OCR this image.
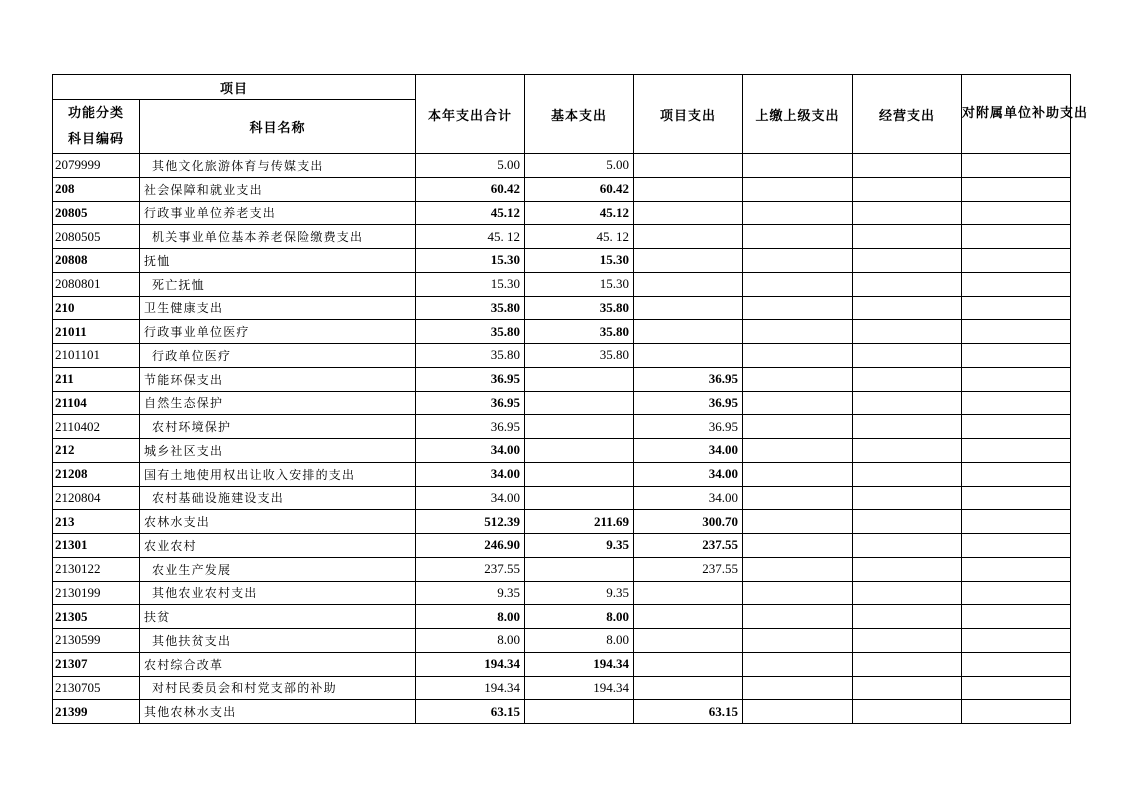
项目		本年支出合计	基本支出	项目支出	上缴上级支出	经营支出	对附属单位补助支出

功能分类
科目编码	科目名称						
2079999	其他文化旅游体育与传媒支出	5.00	5.00				
208	社会保障和就业支出	60.42	60.42				
20805	行政事业单位养老支出	45.12	45.12				
2080505	机关事业单位基本养老保险缴费支出	45. 12	45. 12				
20808	抚恤	15.30	15.30				
2080801	死亡抚恤	15.30	15.30				
210	卫生健康支出	35.80	35.80				
21011	行政事业单位医疗	35.80	35.80				
2101101	行政单位医疗	35.80	35.80				
211	节能环保支出	36.95		36.95			
21104	自然生态保护	36.95		36.95			
2110402	农村环境保护	36.95		36.95			
212	城乡社区支出	34.00		34.00			
21208	国有土地使用权出让收入安排的支出	34.00		34.00			
2120804	农村基础设施建设支出	34.00		34.00			
213	农林水支出	512.39	211.69	300.70			
21301	农业农村	246.90	9.35	237.55			
2130122	农业生产发展	237.55		237.55			
2130199	其他农业农村支出	9.35	9.35				
21305	扶贫	8.00	8.00				
2130599	其他扶贫支出	8.00	8.00				
21307	农村综合改革	194.34	194.34				
2130705	对村民委员会和村党支部的补助	194.34	194.34				
21399	其他农林水支出	63.15		63.15			
